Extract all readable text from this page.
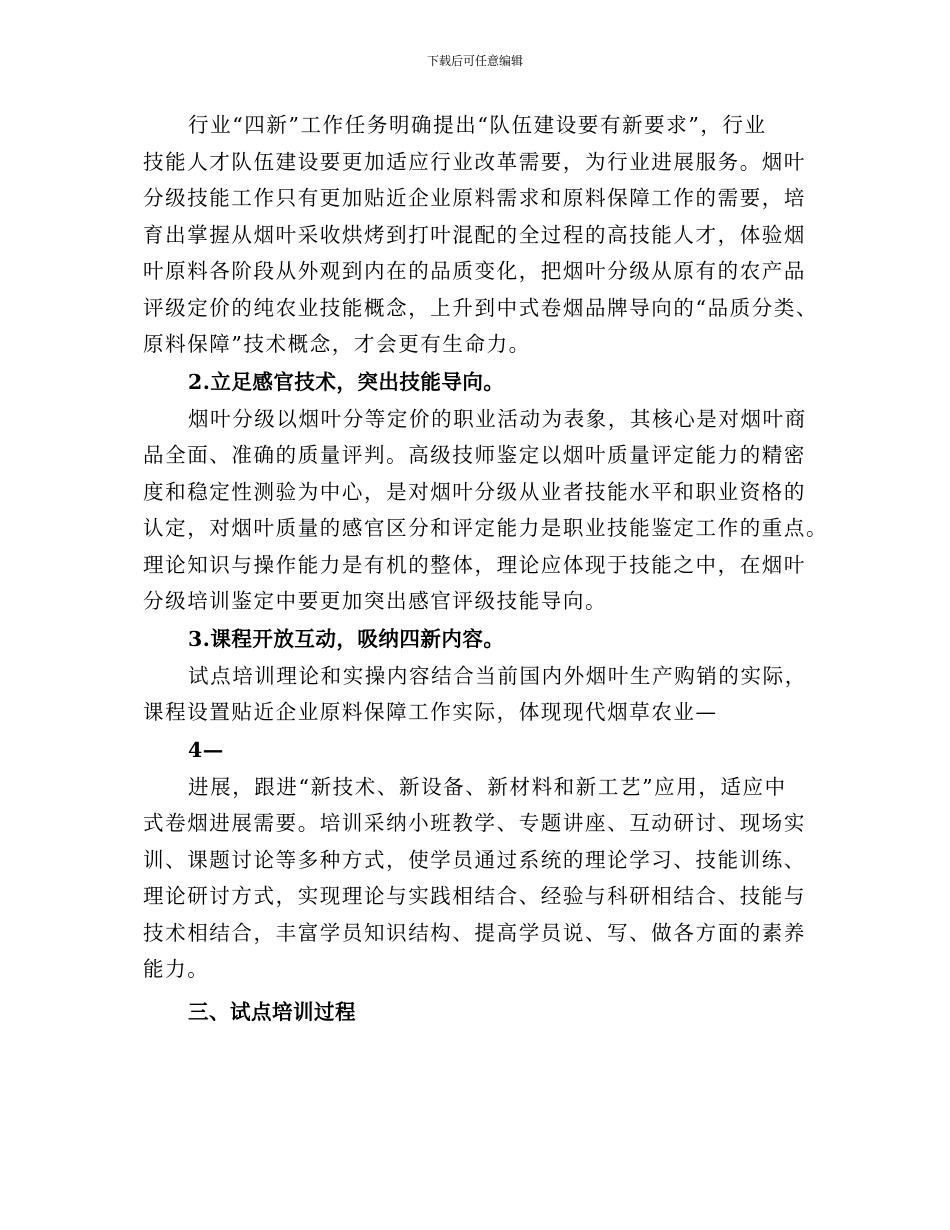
下载后可任意编辑
行业“四新”工作任务明确提出“队伍建设要有新要求”，行业
技能人才队伍建设要更加适应行业改革需要，为行业进展服务。烟叶
分级技能工作只有更加贴近企业原料需求和原料保障工作的需要，培
育出掌握从烟叶采收烘烤到打叶混配的全过程的高技能人才，体验烟
叶原料各阶段从外观到内在的品质变化，把烟叶分级从原有的农产品
评级定价的纯农业技能概念，上升到中式卷烟品牌导向的“品质分类、
原料保障”技术概念，才会更有生命力。
2.立足感官技术，突出技能导向。
烟叶分级以烟叶分等定价的职业活动为表象，其核心是对烟叶商
品全面、准确的质量评判。高级技师鉴定以烟叶质量评定能力的精密
度和稳定性测验为中心，是对烟叶分级从业者技能水平和职业资格的
认定，对烟叶质量的感官区分和评定能力是职业技能鉴定工作的重点。
理论知识与操作能力是有机的整体，理论应体现于技能之中，在烟叶
分级培训鉴定中要更加突出感官评级技能导向。
3.课程开放互动，吸纳四新内容。
试点培训理论和实操内容结合当前国内外烟叶生产购销的实际，
课程设置贴近企业原料保障工作实际，体现现代烟草农业—
4—
进展，跟进“新技术、新设备、新材料和新工艺”应用，适应中
式卷烟进展需要。培训采纳小班教学、专题讲座、互动研讨、现场实
训、课题讨论等多种方式，使学员通过系统的理论学习、技能训练、
理论研讨方式，实现理论与实践相结合、经验与科研相结合、技能与
技术相结合，丰富学员知识结构、提高学员说、写、做各方面的素养
能力。
三、试点培训过程
